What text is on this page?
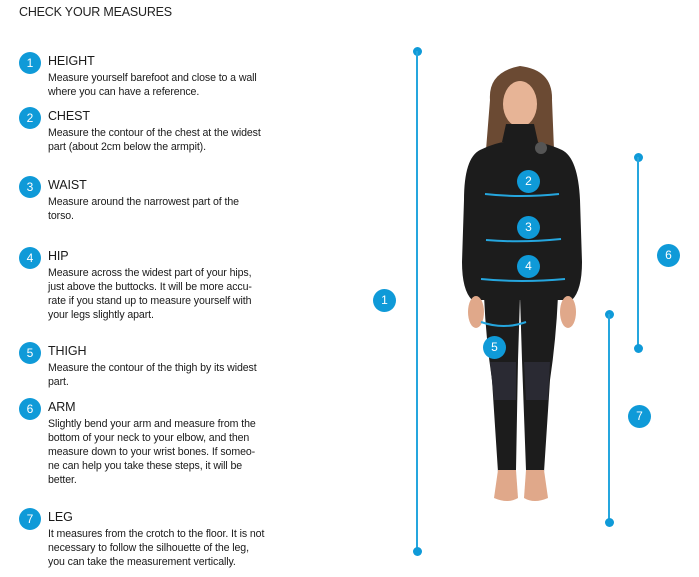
CHECK YOUR MEASURES
1	HEIGHT
Measure yourself barefoot and close to a wall where you can have a reference.
2	CHEST
Measure the contour of the chest at the widest part (about 2cm below the armpit).
3	WAIST
Measure around the narrowest part of the torso.
4	HIP
Measure across the widest part of your hips, just above the buttocks. It will be more accu-rate if you stand up to measure yourself with your legs slightly apart.
5	THIGH
Measure the contour of the thigh by its widest part.
6	ARM
Slightly bend your arm and measure from the bottom of your neck to your elbow, and then measure down to your wrist bones. If someo-ne can help you take these steps, it will be better.
7	LEG
It measures from the crotch to the floor. It is not necessary to follow the silhouette of the leg, you can take the measurement vertically.
1
2
3
4
5
6
7
